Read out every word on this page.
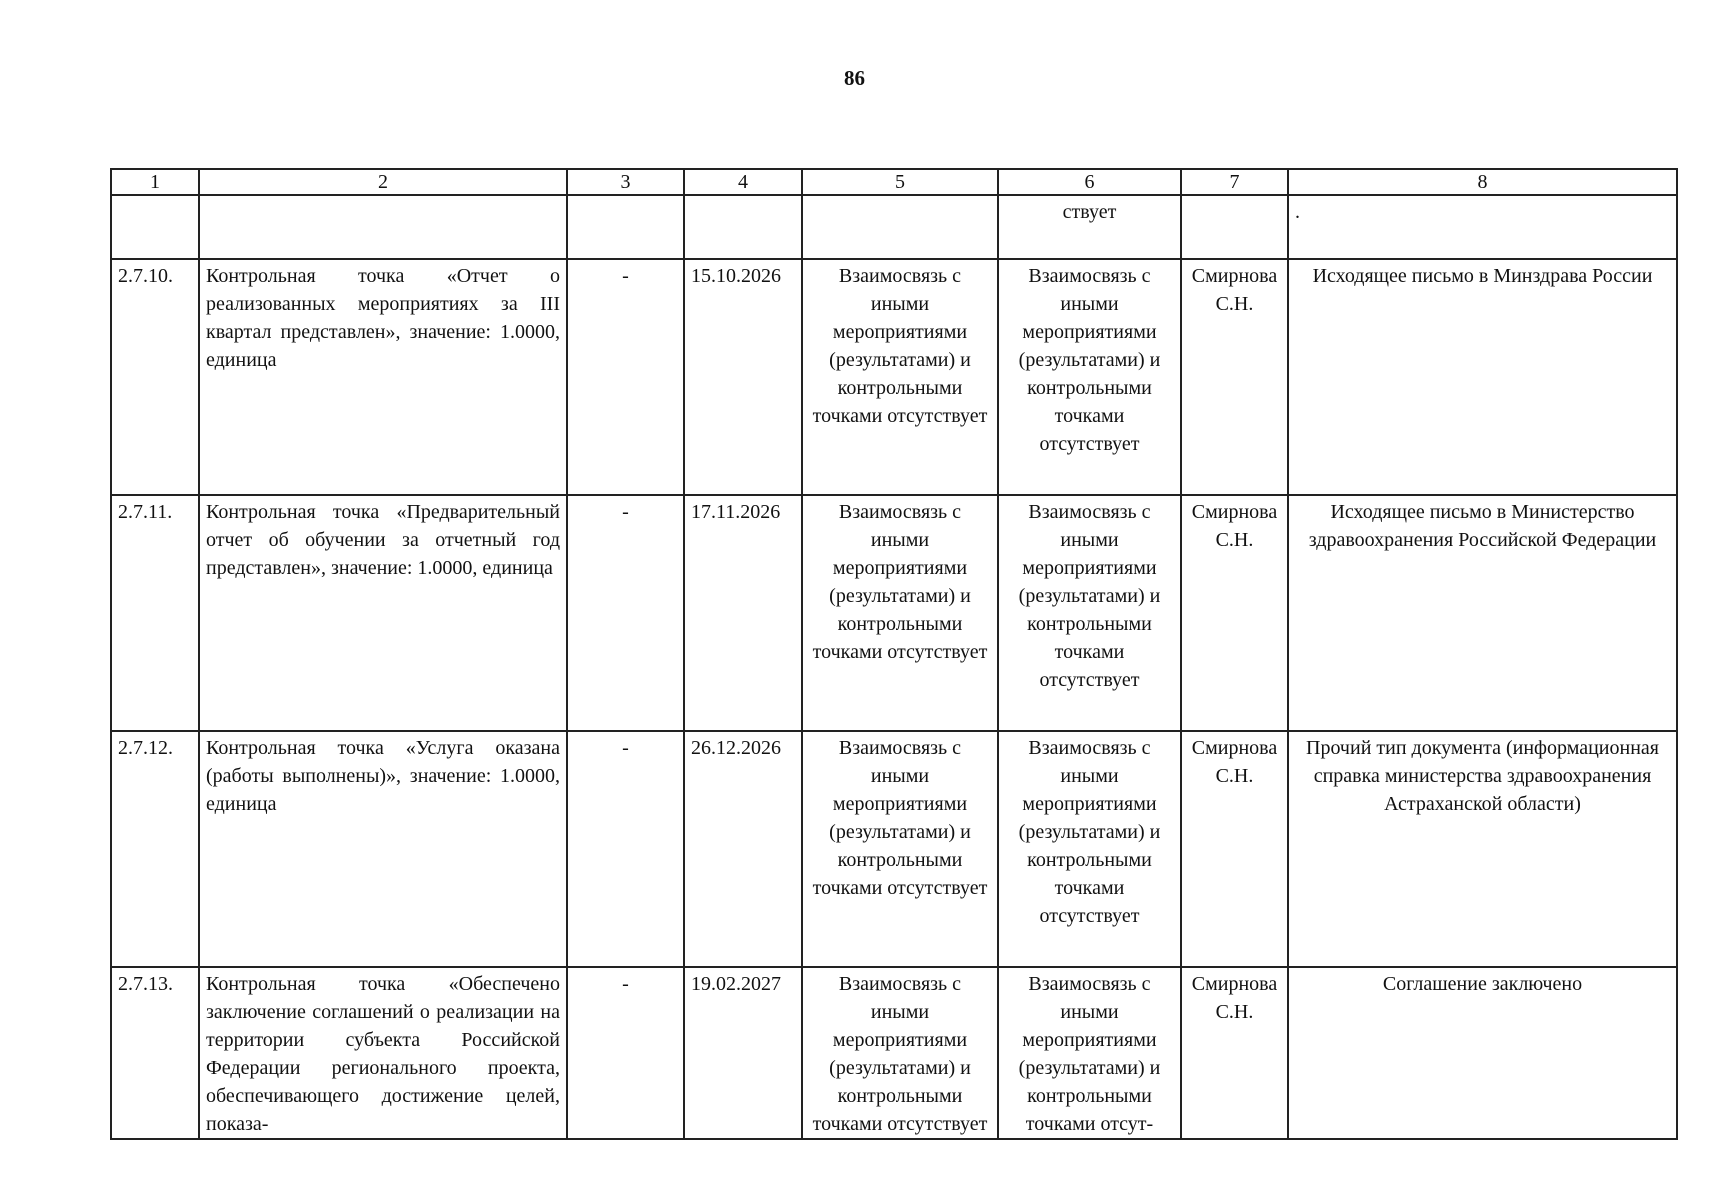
86
1	2	3	4	5	6	7	8
					ствует		.
2.7.10.	Контрольная точка «Отчет о реализованных мероприятиях за III квартал представлен», значение: 1.0000, единица	-	15.10.2026	Взаимосвязь с иными мероприятиями (результатами) и контрольными точками отсутствует	Взаимосвязь с иными мероприятиями (результатами) и контрольными точками отсутствует	Смирнова С.Н.	Исходящее письмо в Минздрава России
2.7.11.	Контрольная точка «Предварительный отчет об обучении за отчетный год представлен», значение: 1.0000, единица	-	17.11.2026	Взаимосвязь с иными мероприятиями (результатами) и контрольными точками отсутствует	Взаимосвязь с иными мероприятиями (результатами) и контрольными точками отсутствует	Смирнова С.Н.	Исходящее письмо в Министерство здравоохранения Российской Федерации
2.7.12.	Контрольная точка «Услуга оказана (работы выполнены)», значение: 1.0000, единица	-	26.12.2026	Взаимосвязь с иными мероприятиями (результатами) и контрольными точками отсутствует	Взаимосвязь с иными мероприятиями (результатами) и контрольными точками отсутствует	Смирнова С.Н.	Прочий тип документа (информационная справка министерства здравоохранения Астраханской области)
2.7.13.	Контрольная точка «Обеспечено заключение соглашений о реализации на территории субъекта Российской Федерации регионального проекта, обеспечивающего достижение целей, показа-	-	19.02.2027	Взаимосвязь с иными мероприятиями (результатами) и контрольными точками отсутствует	Взаимосвязь с иными мероприятиями (результатами) и контрольными точками отсут-	Смирнова С.Н.	Соглашение заключено
